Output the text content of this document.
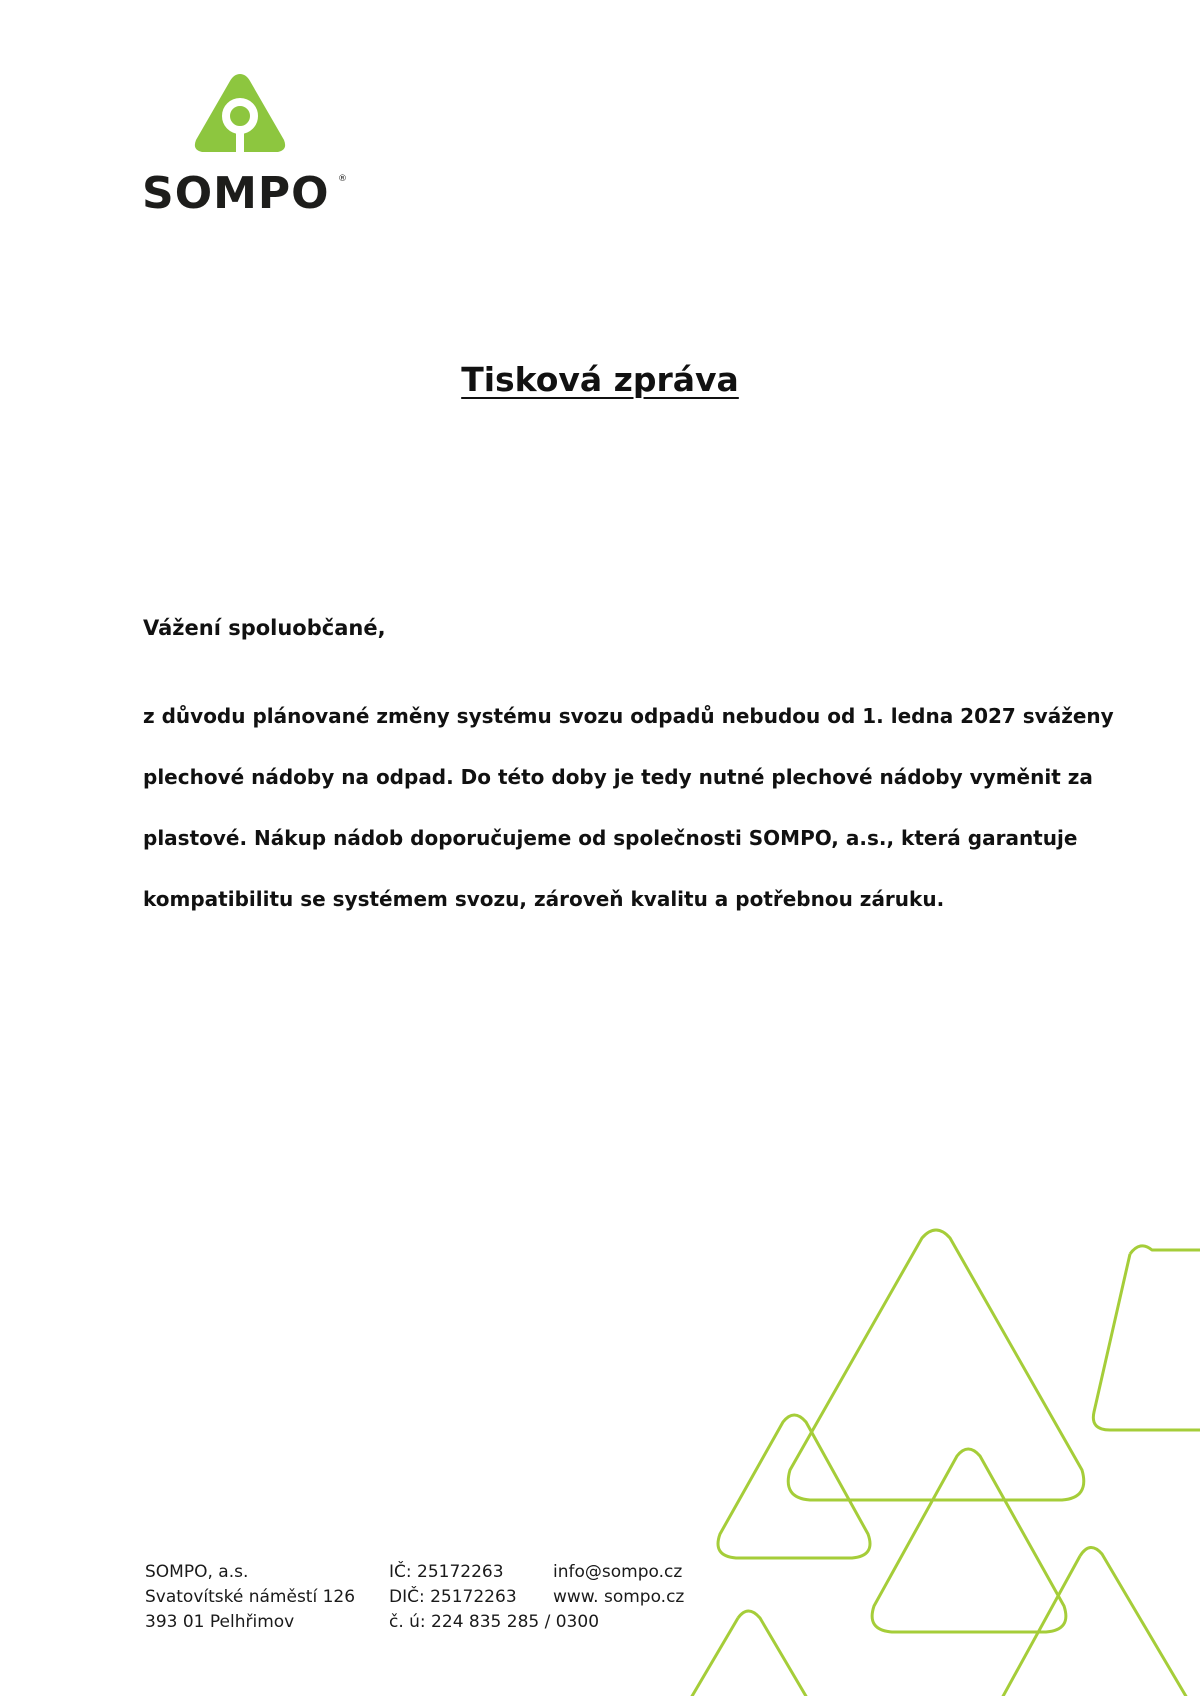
SOMPO ®
Tisková zpráva
Vážení spoluobčané,
z důvodu plánované změny systému svozu odpadů nebudou od 1. ledna 2027 sváženy
plechové nádoby na odpad. Do této doby je tedy nutné plechové nádoby vyměnit za
plastové. Nákup nádob doporučujeme od společnosti SOMPO, a.s., která garantuje
kompatibilitu se systémem svozu, zároveň kvalitu a potřebnou záruku.
SOMPO, a.s.
Svatovítské náměstí 126
393 01 Pelhřimov
IČ: 25172263
DIČ: 25172263
č. ú: 224 835 285 / 0300
info@sompo.cz
www. sompo.cz
